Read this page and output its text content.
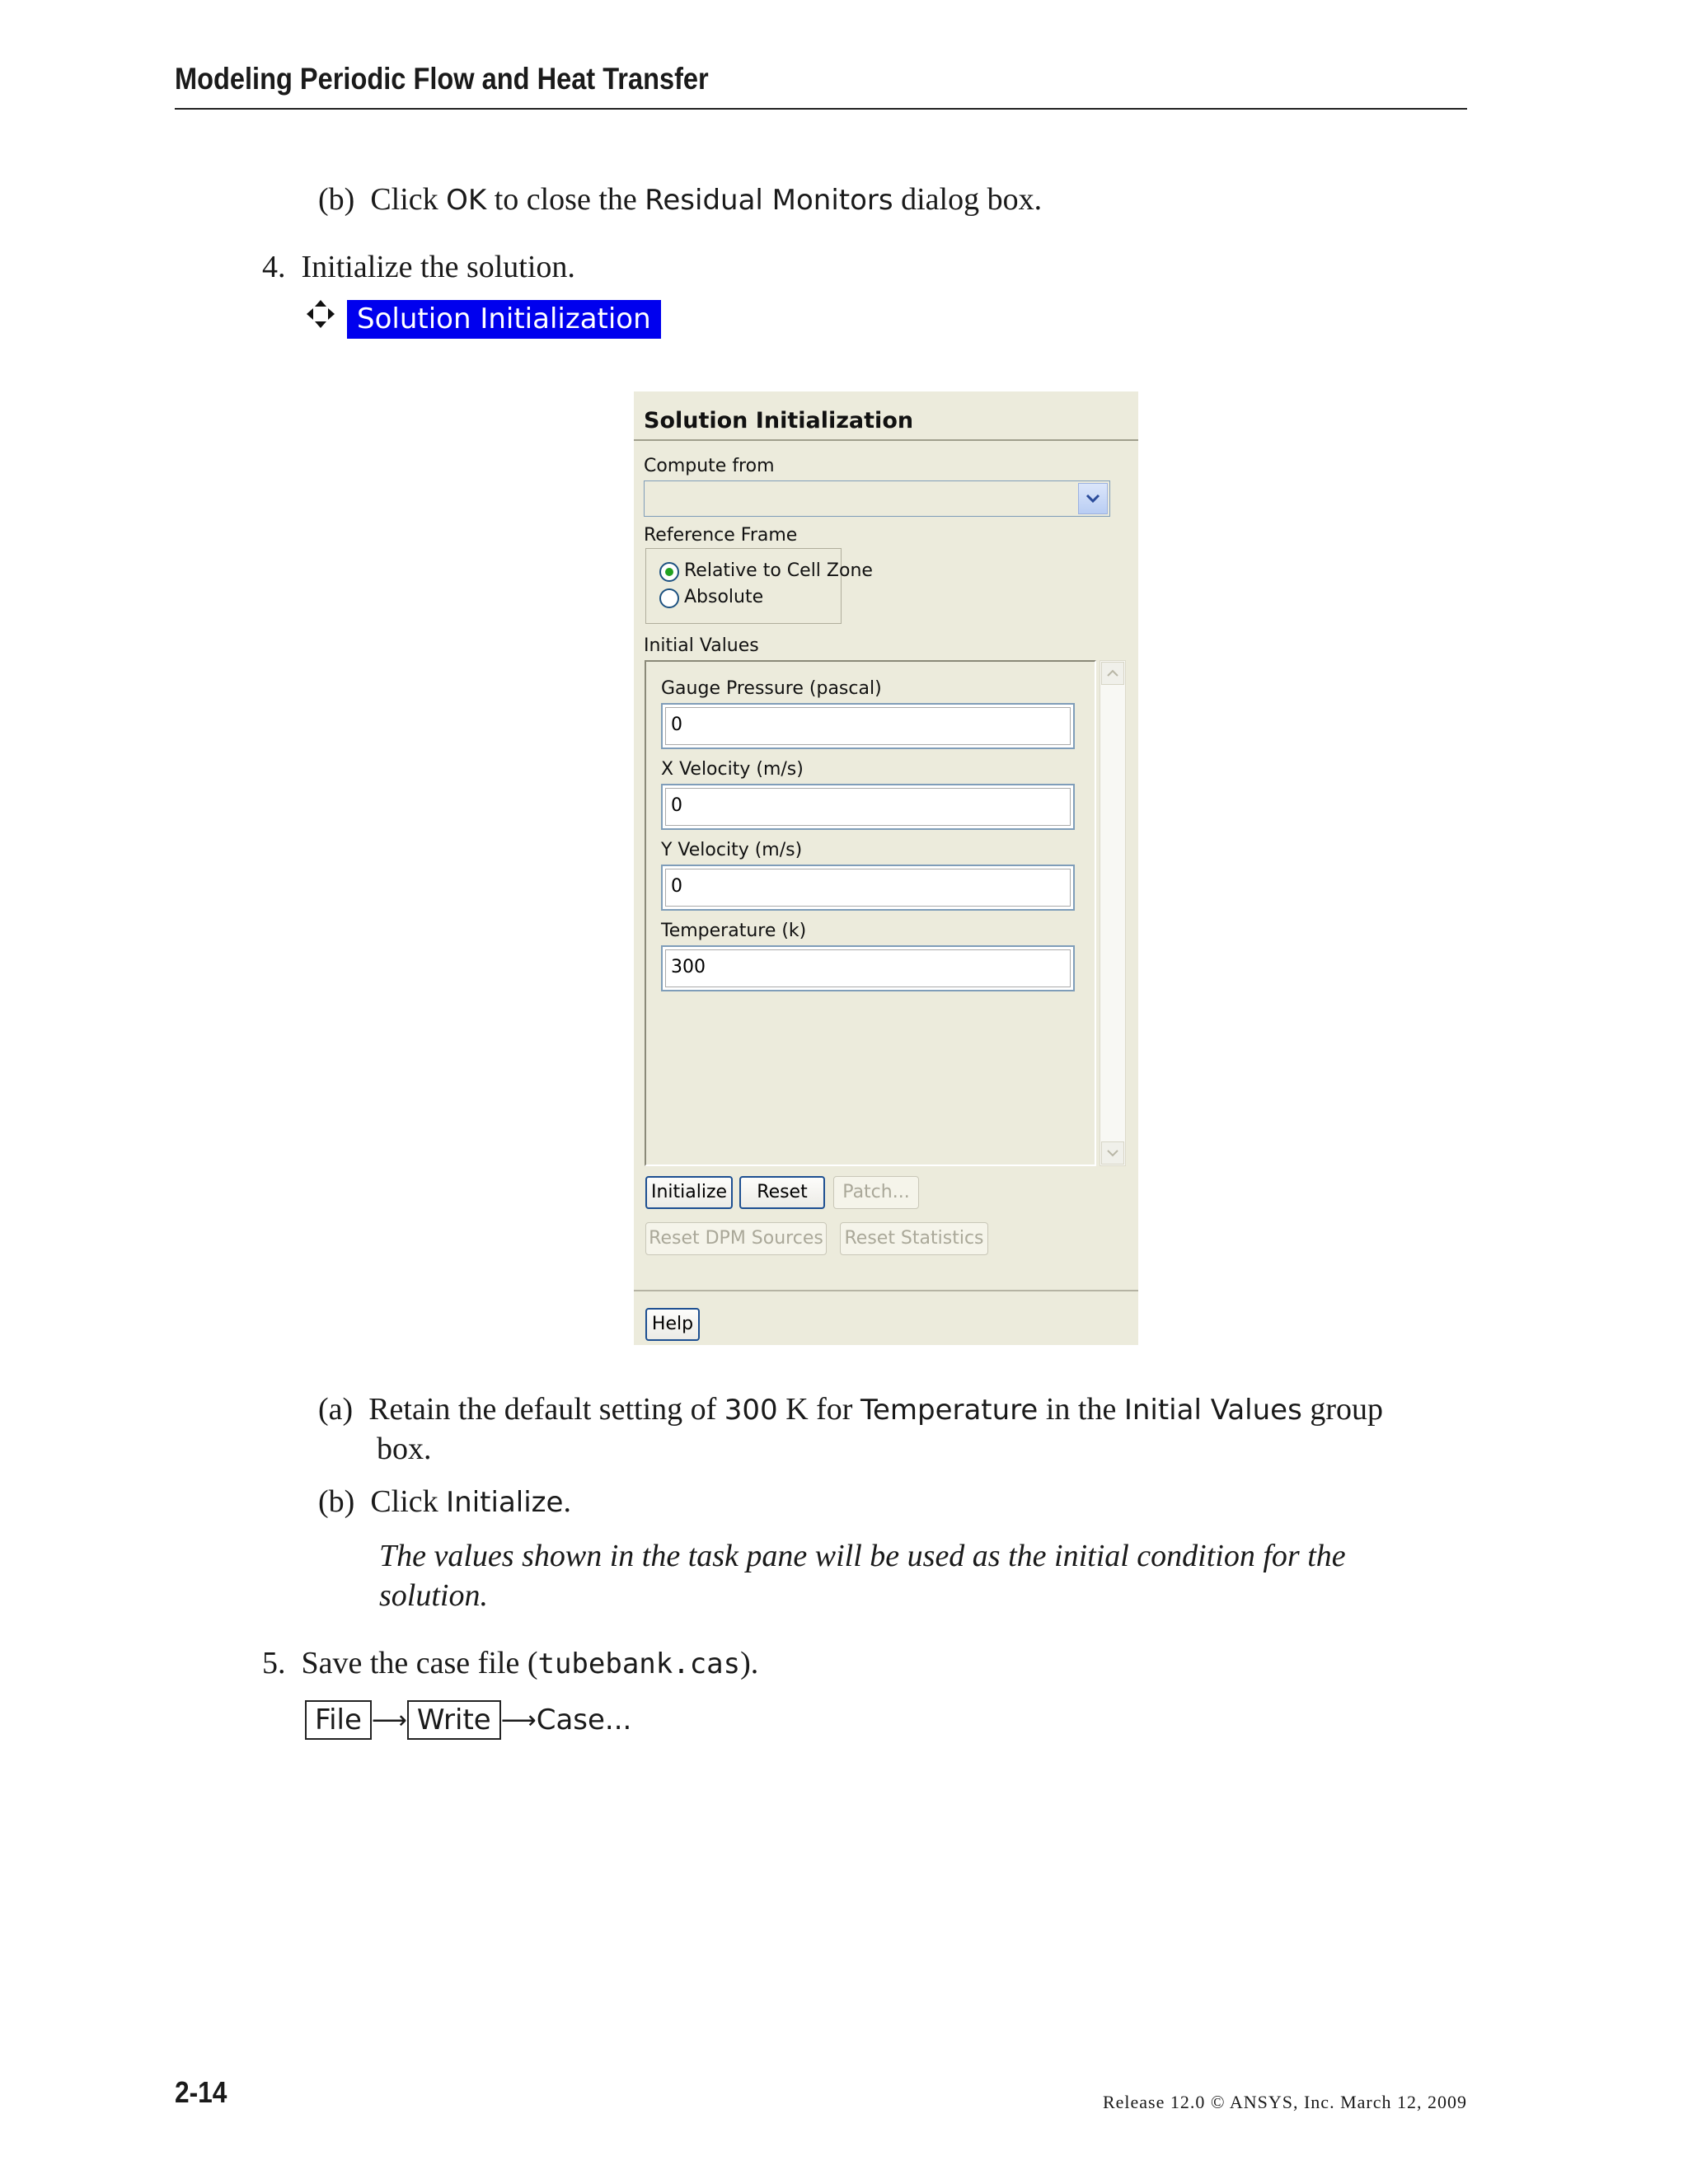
Modeling Periodic Flow and Heat Transfer
(b) Click OK to close the Residual Monitors dialog box.
4. Initialize the solution.
Solution Initialization
Solution Initialization
Compute from
Reference Frame
Relative to Cell Zone
Absolute
Initial Values
Gauge Pressure (pascal)
0
X Velocity (m/s)
0
Y Velocity (m/s)
0
Temperature (k)
300
Initialize	Reset	Patch...
Reset DPM Sources Reset Statistics
Help
(a) Retain the default setting of 300 K for Temperature in the Initial Values group
box.
(b) Click Initialize.
The values shown in the task pane will be used as the initial condition for the
solution.
5. Save the case file (tubebank.cas).
File ⟶ Write ⟶ Case...
2-14	Release 12.0 © ANSYS, Inc. March 12, 2009
